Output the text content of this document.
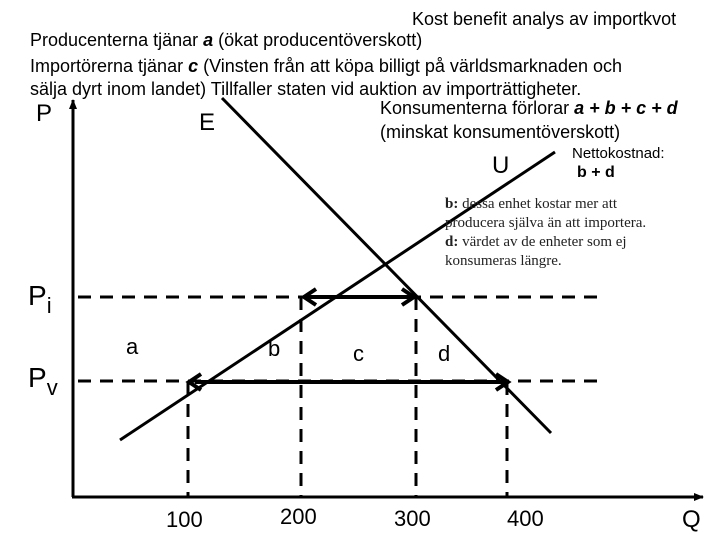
Kost benefit analys av importkvot
Producenterna tjänar a (ökat producentöverskott)
Importörerna tjänar c (Vinsten från att köpa billigt på världsmarknaden och
sälja dyrt inom landet) Tillfaller staten vid auktion av importrättigheter.
Konsumenterna förlorar a + b + c + d
(minskat konsumentöverskott)
Nettokostnad:
b + d
b: dessa enhet kostar mer att
producera själva än att importera.
d: värdet av de enheter som ej
konsumeras längre.
P
Q
E
U
$P_i$
$P_v$
a	b	c	d
100	200	300	400
